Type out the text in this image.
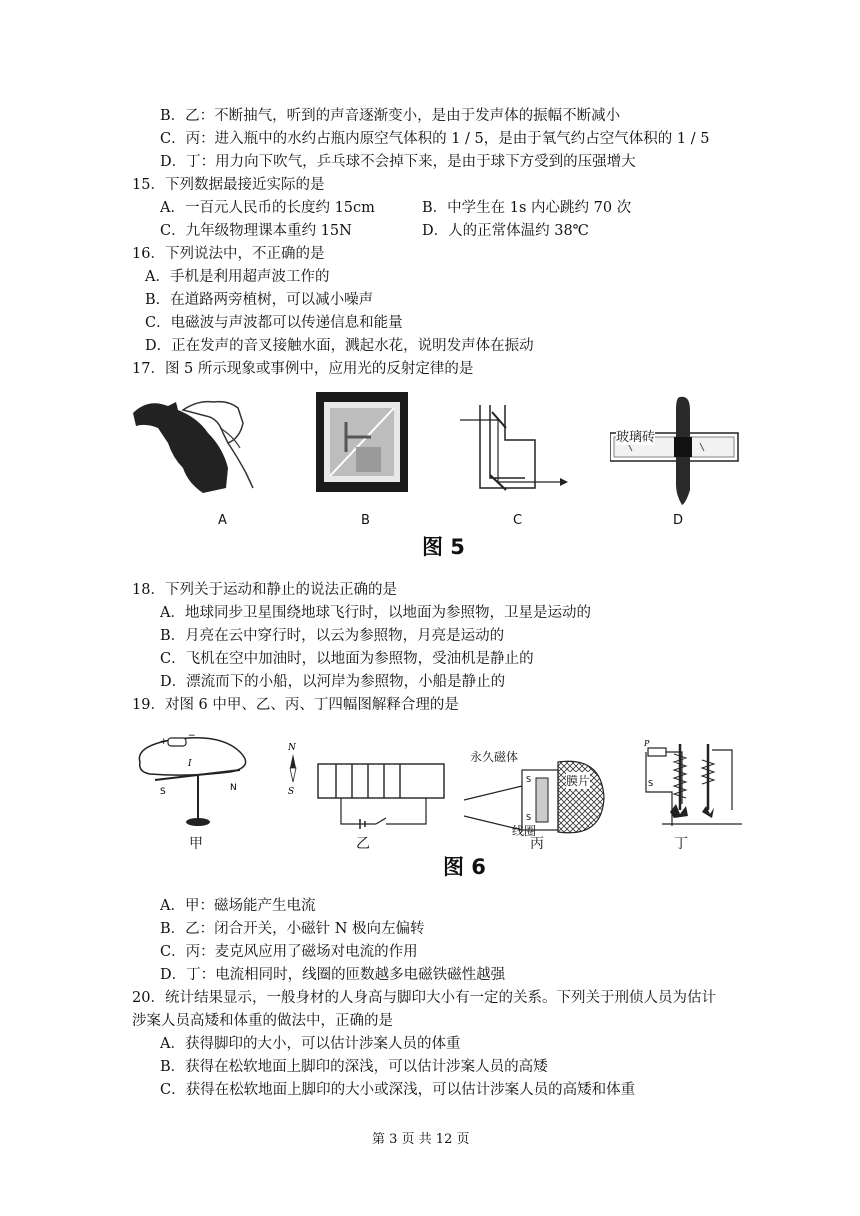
B．乙：不断抽气，听到的声音逐渐变小，是由于发声体的振幅不断减小
C．丙：进入瓶中的水约占瓶内原空气体积的 1 / 5，是由于氧气约占空气体积的 1 / 5
D．丁：用力向下吹气，乒乓球不会掉下来，是由于球下方受到的压强增大
15．下列数据最接近实际的是
A．一百元人民币的长度约 15cm	B．中学生在 1s 内心跳约 70 次
C．九年级物理课本重约 15N	D．人的正常体温约 38℃
16．下列说法中，不正确的是
A．手机是利用超声波工作的
B．在道路两旁植树，可以减小噪声
C．电磁波与声波都可以传递信息和能量
D．正在发声的音叉接触水面，溅起水花，说明发声体在振动
17．图 5 所示现象或事例中，应用光的反射定律的是
玻璃砖
A	B	C	D
图 5
18．下列关于运动和静止的说法正确的是
A．地球同步卫星围绕地球飞行时，以地面为参照物，卫星是运动的
B．月亮在云中穿行时，以云为参照物，月亮是运动的
C．飞机在空中加油时，以地面为参照物，受油机是静止的
D．漂流而下的小船，以河岸为参照物，小船是静止的
19．对图 6 中甲、乙、丙、丁四幅图解释合理的是
+
−
I
S	N
N
S
S
S
永久磁体
膜片
线圈
P
S
甲	乙	丙	丁
图 6
A．甲：磁场能产生电流
B．乙：闭合开关，小磁针 N 极向左偏转
C．丙：麦克风应用了磁场对电流的作用
D．丁：电流相同时，线圈的匝数越多电磁铁磁性越强
20．统计结果显示，一般身材的人身高与脚印大小有一定的关系。下列关于刑侦人员为估计
涉案人员高矮和体重的做法中，正确的是
A．获得脚印的大小，可以估计涉案人员的体重
B．获得在松软地面上脚印的深浅，可以估计涉案人员的高矮
C．获得在松软地面上脚印的大小或深浅，可以估计涉案人员的高矮和体重
第 3 页 共 12 页
